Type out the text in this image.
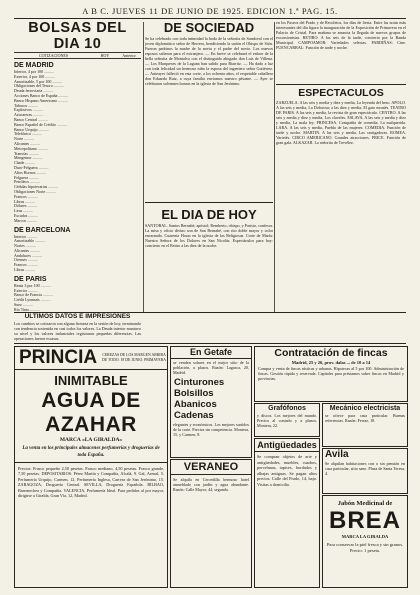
A B C. JUEVES 11 DE JUNIO DE 1925. EDICION 1.ª PAG. 15.
BOLSAS DEL DIA 10
COTIZACIONES	HOY	Anterior
DE MADRID
Interior, 4 por 100 ..........
Exterior, 4 por 100 ..........
Amortizable, 5 por 100 ..........
Obligaciones del Tesoro ..........
Deuda ferroviaria ..........
Acciones Banco de España ..........
Banco Hispano Americano ..........
Tabacos ..........
Explosivos ..........
Azucareras ..........
Banco Central ..........
Banco Español de Crédito ..........
Banco Urquijo ..........
Telefónica ..........
Norte ..........
Alicantes ..........
Metropolitano ..........
Tranvías ..........
Mengemor ..........
Chade ..........
Duro-Felguera ..........
Altos Hornos ..........
Felguera ..........
Petróleos ..........
Cédulas hipotecarias ..........
Obligaciones Norte ..........
Francos ..........
Libras ..........
Dólares ..........
Liras ..........
Escudos ..........
Marcos ..........
DE BARCELONA
Interior ..........
Amortizable ..........
Nortes ..........
Alicantes ..........
Andaluces ..........
Orenses ..........
Francos ..........
Libras ..........
DE PARIS
Renta 3 por 100 ..........
Exterior ..........
Banco de Francia ..........
Crédit Lyonnais ..........
Suez ..........
Río Tinto ..........
DE SOCIEDAD
Se ha celebrado con toda intimidad la boda de la señorita de Sandoval con el joven diplomático señor de Herrera, bendiciendo la unión el Obispo de Sión. Fueron padrinos la madre de la novia y el padre del novio. Los nuevos esposos salieron para el extranjero. — En breve se celebrará el enlace de la bella señorita de Montalvo con el distinguido abogado don Luis de Villena. — Los Marqueses de la Laguna han salido para Biarritz. — Ha dado a luz con toda felicidad un hermoso niño la esposa del ingeniero señor Gutiérrez. — Anteayer falleció en esta corte, a los ochenta años, el respetable caballero don Eduardo Ruiz, a cuya familia enviamos nuestro pésame. — Ayer se celebraron solemnes honras en la iglesia de San Jerónimo.
EL DIA DE HOY
SANTORAL. Santos Bernabé, apóstol; Remberto, obispo, y Parisio, confesor. La misa y oficio divino son de San Bernabé, con rito doble mayor y color encarnado. Cuarenta Horas en la iglesia de las Religiosas. Corte de María: Nuestra Señora de los Dolores en San Nicolás. Espectáculos para hoy: concierto en el Retiro a las diez de la noche.
en los Paseos del Prado y de Recoletos, los días de fiesta. Entre las notas más interesantes del día figura la inauguración de la Exposición de Primavera en el Palacio de Cristal. Para mañana se anuncia la llegada de nuevos grupos de excursionistas. RETIRO: A las seis de la tarde, concierto por la Banda Municipal. CAMPOAMOR: Variedades selectas. PARDIÑAS: Cine. FUENCARRAL: Función de tarde y noche.
ESPECTACULOS
ZARZUELA. A las seis y media y diez y media, La leyenda del beso. APOLO. A las seis y media, La Dolorosa; a las diez y media, El gato montés. TEATRO DE PARIS. A las seis y media, la revista de gran espectáculo. CENTRO. A las seis y media y diez y media, Los claveles. ESLAVA. A las seis y media y diez y media, La mala ley. PRINCESA. Compañía de comedia, La malquerida. LARA. A las seis y media, Puebla de las mujeres. COMEDIA. Función de tarde y noche. MARTIN. A las seis y media, Las castigadoras. ROMEA. Varietés. CIRCO AMERICANO. Grandes atracciones. PRICE. Función de gran gala. ALKAZAR. La señorita de Trevélez.
ULTIMOS DATOS E IMPRESIONES
Los cambios se cotizaron con alguna firmeza en la sesión de hoy, terminando con tendencia sostenida en casi todos los valores. La Deuda interior mantuvo su nivel y los valores industriales registraron pequeñas diferencias. Las operaciones fueron escasas.
PRINCIA	CEREZAS DE LOS MARGEN ARRIBA DE TODO. 18 DE JUNIO. PRIMAVERA
INIMITABLE
AGUA DE AZAHAR
MARCA «LA GIRALDA»
La venta en los principales almacenes perfumerías y droguerías de toda España.
Precios: Frasco pequeño 2,50 pesetas. Frasco mediano, 4,50 pesetas. Frasco grande, 7,50 pesetas. DEPOSITARIOS: Pérez Martín y Compañía, Alcalá, 9. Gal, Arenal, 5. Perfumería Urquijo, Carmen, 12. Perfumería Inglesa, Carrera de San Jerónimo, 15. ZARAGOZA, Droguería Central. SEVILLA, Droguería Española. BILBAO, Barrenechea y Compañía. VALENCIA, Perfumería Ideal. Para pedidos al por mayor, dirigirse a Giralda, Gran Vía, 12, Madrid.
En Getafe
se venden solares en el mejor sitio de la población, a plazos. Razón: Lagasca, 20, Madrid.
Cinturones
Bolsillos
Abanicos
Cadenas
elegantes y económicos. Los mejores surtidos de la corte. Precios sin competencia. Montera, 15, y Carmen, 8.
VERANEO
Se alquila en Cercedilla hermoso hotel amueblado con jardín y agua abundante. Razón: Calle Mayor, 44, segundo.
Contratación de fincas
Madrid, 25 y 26, prov. dalas ... de 10 a 14
Compra y venta de fincas rústicas y urbanas. Hipotecas al 5 por 100. Administración de fincas. Gestión rápida y reservada. Capitales para préstamos sobre fincas en Madrid y provincias.
Grafófonos
y discos. Los mejores del mundo. Precios al contado y a plazos. Montera, 22.
Antigüedades
Se compran objetos de arte y antigüedades, muebles, cuadros, porcelanas, tapices, bordados y alhajas antiguas. Se pagan altos precios. Calle del Prado, 14, bajo. Visitas a domicilio.
Mecánico electricista
se ofrece para casa particular. Buenas referencias. Razón: Ferraz, 18.
Avila
Se alquilan habitaciones con o sin pensión en casa particular, sitio sano. Plaza de Santa Teresa, 4.
Jabón Medicinal de
BREA
MARCA LA GIRALDA
Para conservar la piel fresca y sin granos. Precio: 1 peseta.
